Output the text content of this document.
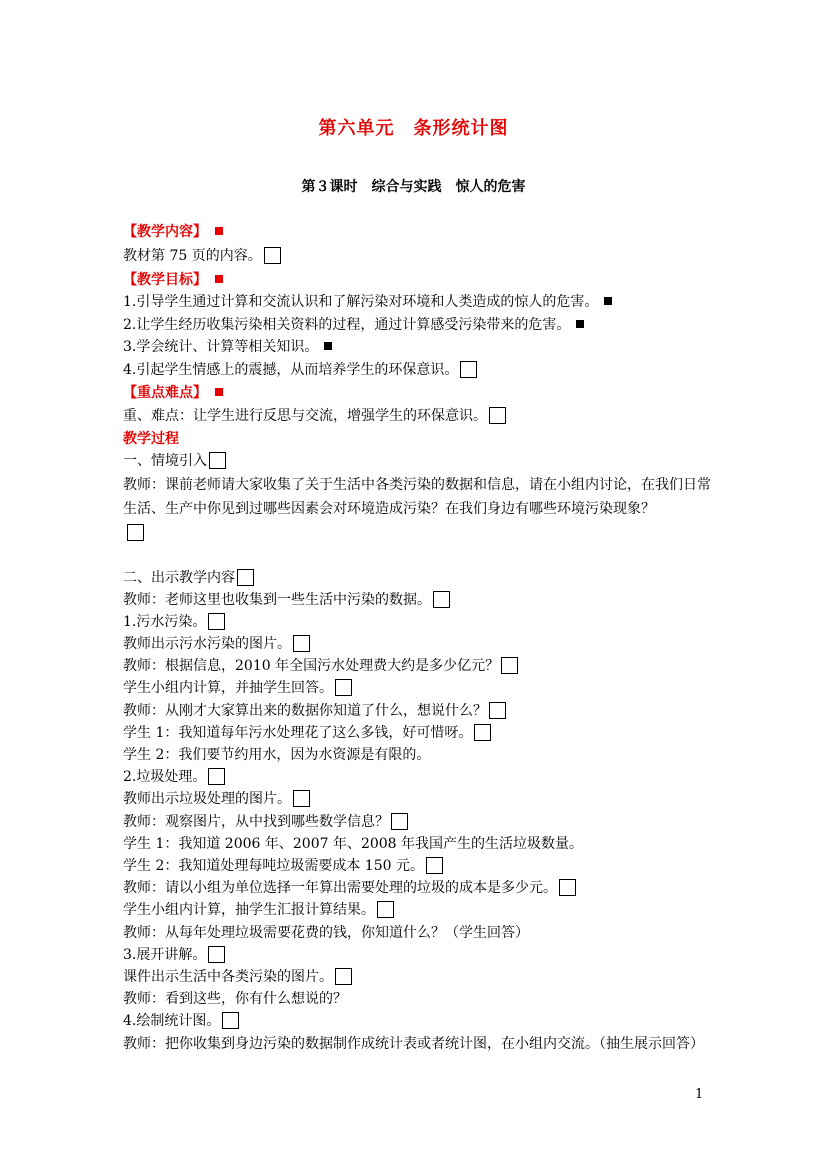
第六单元　条形统计图
第３课时　综合与实践　惊人的危害
【教学内容】
教材第 75 页的内容。
【教学目标】
1.引导学生通过计算和交流认识和了解污染对环境和人类造成的惊人的危害。
2.让学生经历收集污染相关资料的过程，通过计算感受污染带来的危害。
3.学会统计、计算等相关知识。
4.引起学生情感上的震撼，从而培养学生的环保意识。
【重点难点】
重、难点：让学生进行反思与交流，增强学生的环保意识。
教学过程
一、情境引入
教师：课前老师请大家收集了关于生活中各类污染的数据和信息，请在小组内讨论，在我们日常生活、生产中你见到过哪些因素会对环境造成污染？在我们身边有哪些环境污染现象？

二、出示教学内容
教师：老师这里也收集到一些生活中污染的数据。
1.污水污染。
教师出示污水污染的图片。
教师：根据信息，2010 年全国污水处理费大约是多少亿元？
学生小组内计算，并抽学生回答。
教师：从刚才大家算出来的数据你知道了什么，想说什么？
学生 1：我知道每年污水处理花了这么多钱，好可惜呀。
学生 2：我们要节约用水，因为水资源是有限的。
2.垃圾处理。
教师出示垃圾处理的图片。
教师：观察图片，从中找到哪些数学信息？
学生 1：我知道 2006 年、2007 年、2008 年我国产生的生活垃圾数量。
学生 2：我知道处理每吨垃圾需要成本 150 元。
教师：请以小组为单位选择一年算出需要处理的垃圾的成本是多少元。
学生小组内计算，抽学生汇报计算结果。
教师：从每年处理垃圾需要花费的钱，你知道什么？（学生回答）
3.展开讲解。
课件出示生活中各类污染的图片。
教师：看到这些，你有什么想说的？
4.绘制统计图。
教师：把你收集到身边污染的数据制作成统计表或者统计图，在小组内交流。（抽生展示回答）
1
